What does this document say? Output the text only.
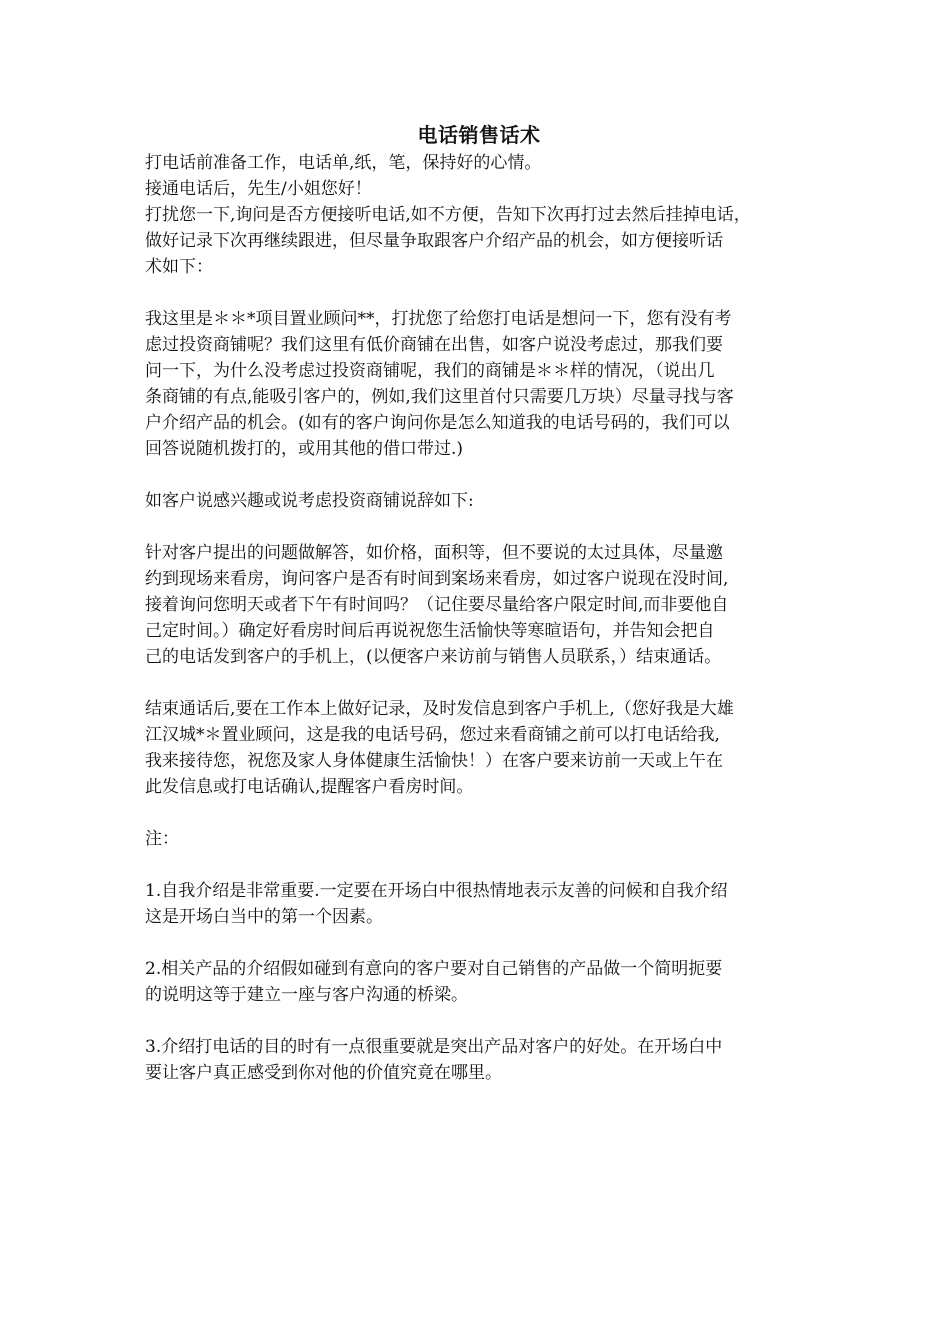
电话销售话术

打电话前准备工作，电话单,纸，笔，保持好的心情。

接通电话后，先生/小姐您好！

打扰您一下,询问是否方便接听电话,如不方便，告知下次再打过去然后挂掉电话，

做好记录下次再继续跟进，但尽量争取跟客户介绍产品的机会，如方便接听话

术如下：

我这里是＊＊*项目置业顾问**，打扰您了给您打电话是想问一下，您有没有考
虑过投资商铺呢？我们这里有低价商铺在出售，如客户说没考虑过，那我们要
问一下，为什么没考虑过投资商铺呢，我们的商铺是＊＊样的情况，（说出几
条商铺的有点,能吸引客户的，例如,我们这里首付只需要几万块）尽量寻找与客
户介绍产品的机会。(如有的客户询问你是怎么知道我的电话号码的，我们可以
回答说随机拨打的，或用其他的借口带过.)

如客户说感兴趣或说考虑投资商铺说辞如下:

针对客户提出的问题做解答，如价格，面积等，但不要说的太过具体，尽量邀
约到现场来看房，询问客户是否有时间到案场来看房，如过客户说现在没时间,
接着询问您明天或者下午有时间吗？（记住要尽量给客户限定时间,而非要他自
己定时间。）确定好看房时间后再说祝您生活愉快等寒暄语句，并告知会把自
己的电话发到客户的手机上，(以便客户来访前与销售人员联系，）结束通话。
结束通话后,要在工作本上做好记录，及时发信息到客户手机上,（您好我是大雄
江汉城*＊置业顾问，这是我的电话号码，您过来看商铺之前可以打电话给我,
我来接待您，祝您及家人身体健康生活愉快！）在客户要来访前一天或上午在
此发信息或打电话确认,提醒客户看房时间。

注：

1.自我介绍是非常重要.一定要在开场白中很热情地表示友善的问候和自我介绍
这是开场白当中的第一个因素。
2.相关产品的介绍假如碰到有意向的客户要对自己销售的产品做一个简明扼要
的说明这等于建立一座与客户沟通的桥梁。
3.介绍打电话的目的时有一点很重要就是突出产品对客户的好处。在开场白中
要让客户真正感受到你对他的价值究竟在哪里。
